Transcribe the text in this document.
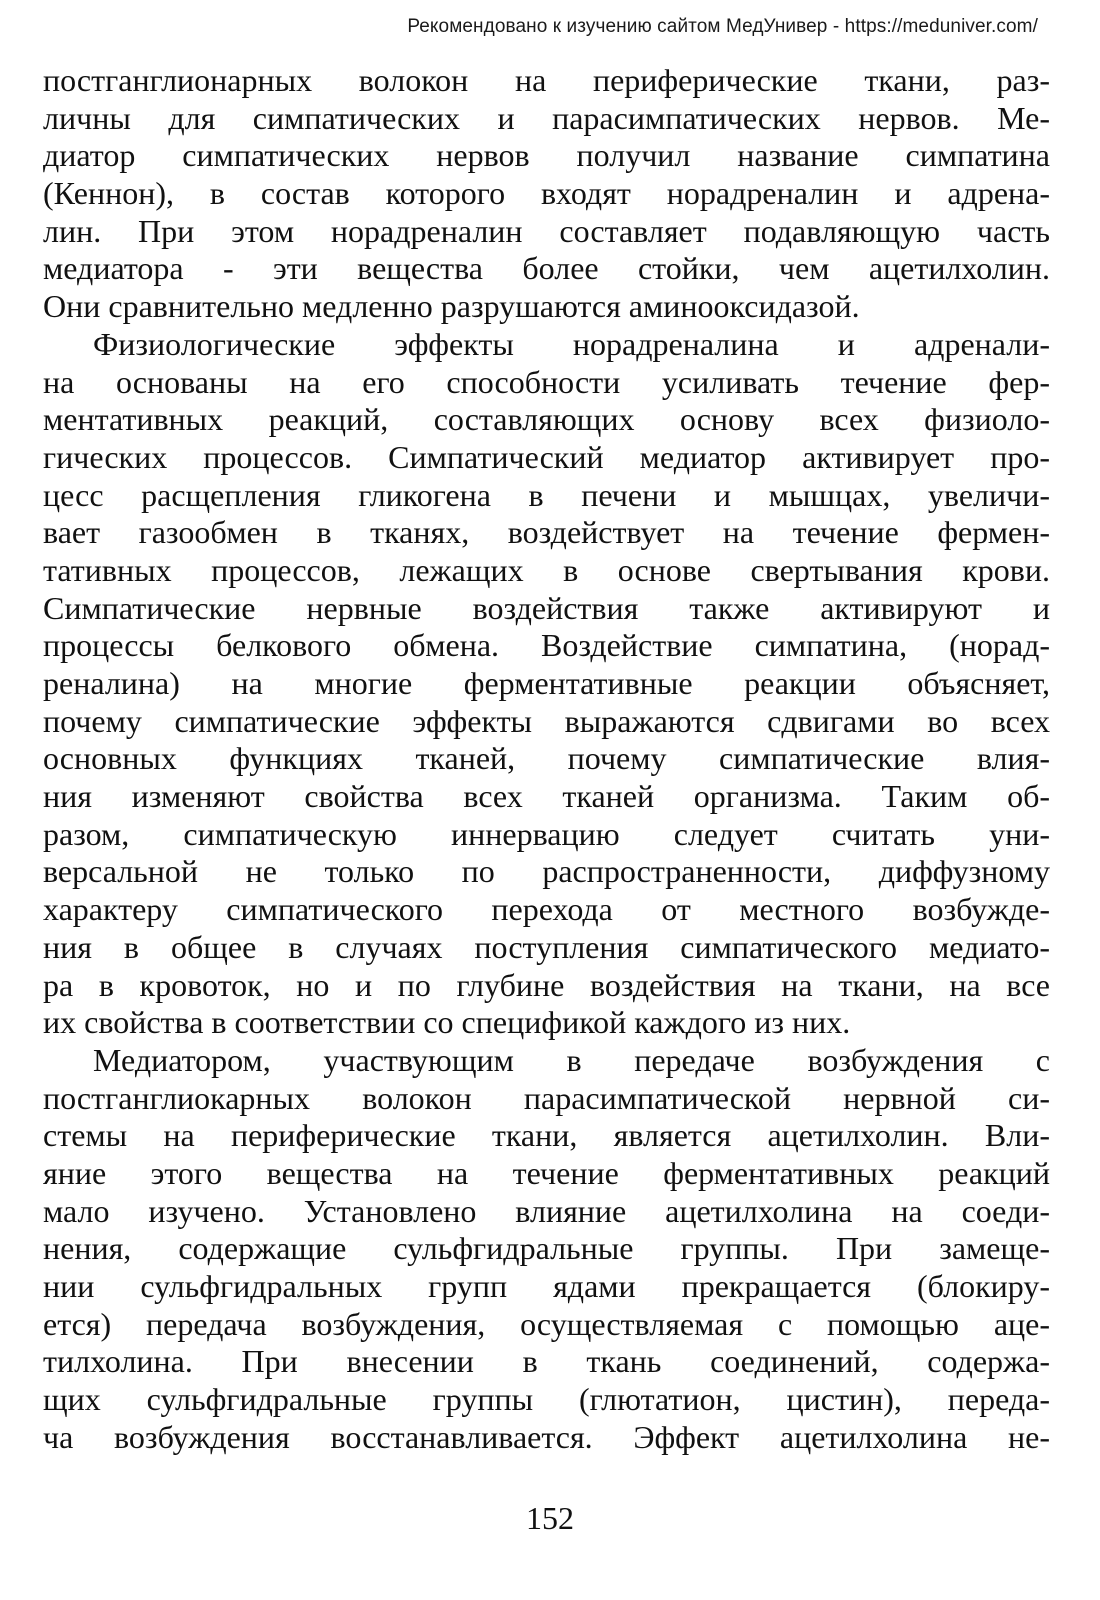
Рекомендовано к изучению сайтом МедУнивер - https://meduniver.com/
постганглионарных волокон на периферические ткани, раз-
личны для симпатических и парасимпатических нервов. Ме-
диатор симпатических нервов получил название симпатина
(Кеннон), в состав которого входят норадреналин и адрена-
лин. При этом норадреналин составляет подавляющую часть
медиатора - эти вещества более стойки, чем ацетилхолин.
Они сравнительно медленно разрушаются аминооксидазой.
Физиологические эффекты норадреналина и адренали-
на основаны на его способности усиливать течение фер-
ментативных реакций, составляющих основу всех физиоло-
гических процессов. Симпатический медиатор активирует про-
цесс расщепления гликогена в печени и мышцах, увеличи-
вает газообмен в тканях, воздействует на течение фермен-
тативных процессов, лежащих в основе свертывания крови.
Симпатические нервные воздействия также активируют и
процессы белкового обмена. Воздействие симпатина, (норад-
реналина) на многие ферментативные реакции объясняет,
почему симпатические эффекты выражаются сдвигами во всех
основных функциях тканей, почему симпатические влия-
ния изменяют свойства всех тканей организма. Таким об-
разом, симпатическую иннервацию следует считать уни-
версальной не только по распространенности, диффузному
характеру симпатического перехода от местного возбужде-
ния в общее в случаях поступления симпатического медиато-
ра в кровоток, но и по глубине воздействия на ткани, на все
их свойства в соответствии со спецификой каждого из них.
Медиатором, участвующим в передаче возбуждения с
постганглиокарных волокон парасимпатической нервной си-
стемы на периферические ткани, является ацетилхолин. Вли-
яние этого вещества на течение ферментативных реакций
мало изучено. Установлено влияние ацетилхолина на соеди-
нения, содержащие сульфгидральные группы. При замеще-
нии сульфгидральных групп ядами прекращается (блокиру-
ется) передача возбуждения, осуществляемая с помощью аце-
тилхолина. При внесении в ткань соединений, содержа-
щих сульфгидральные группы (глютатион, цистин), переда-
ча возбуждения восстанавливается. Эффект ацетилхолина не-
152
